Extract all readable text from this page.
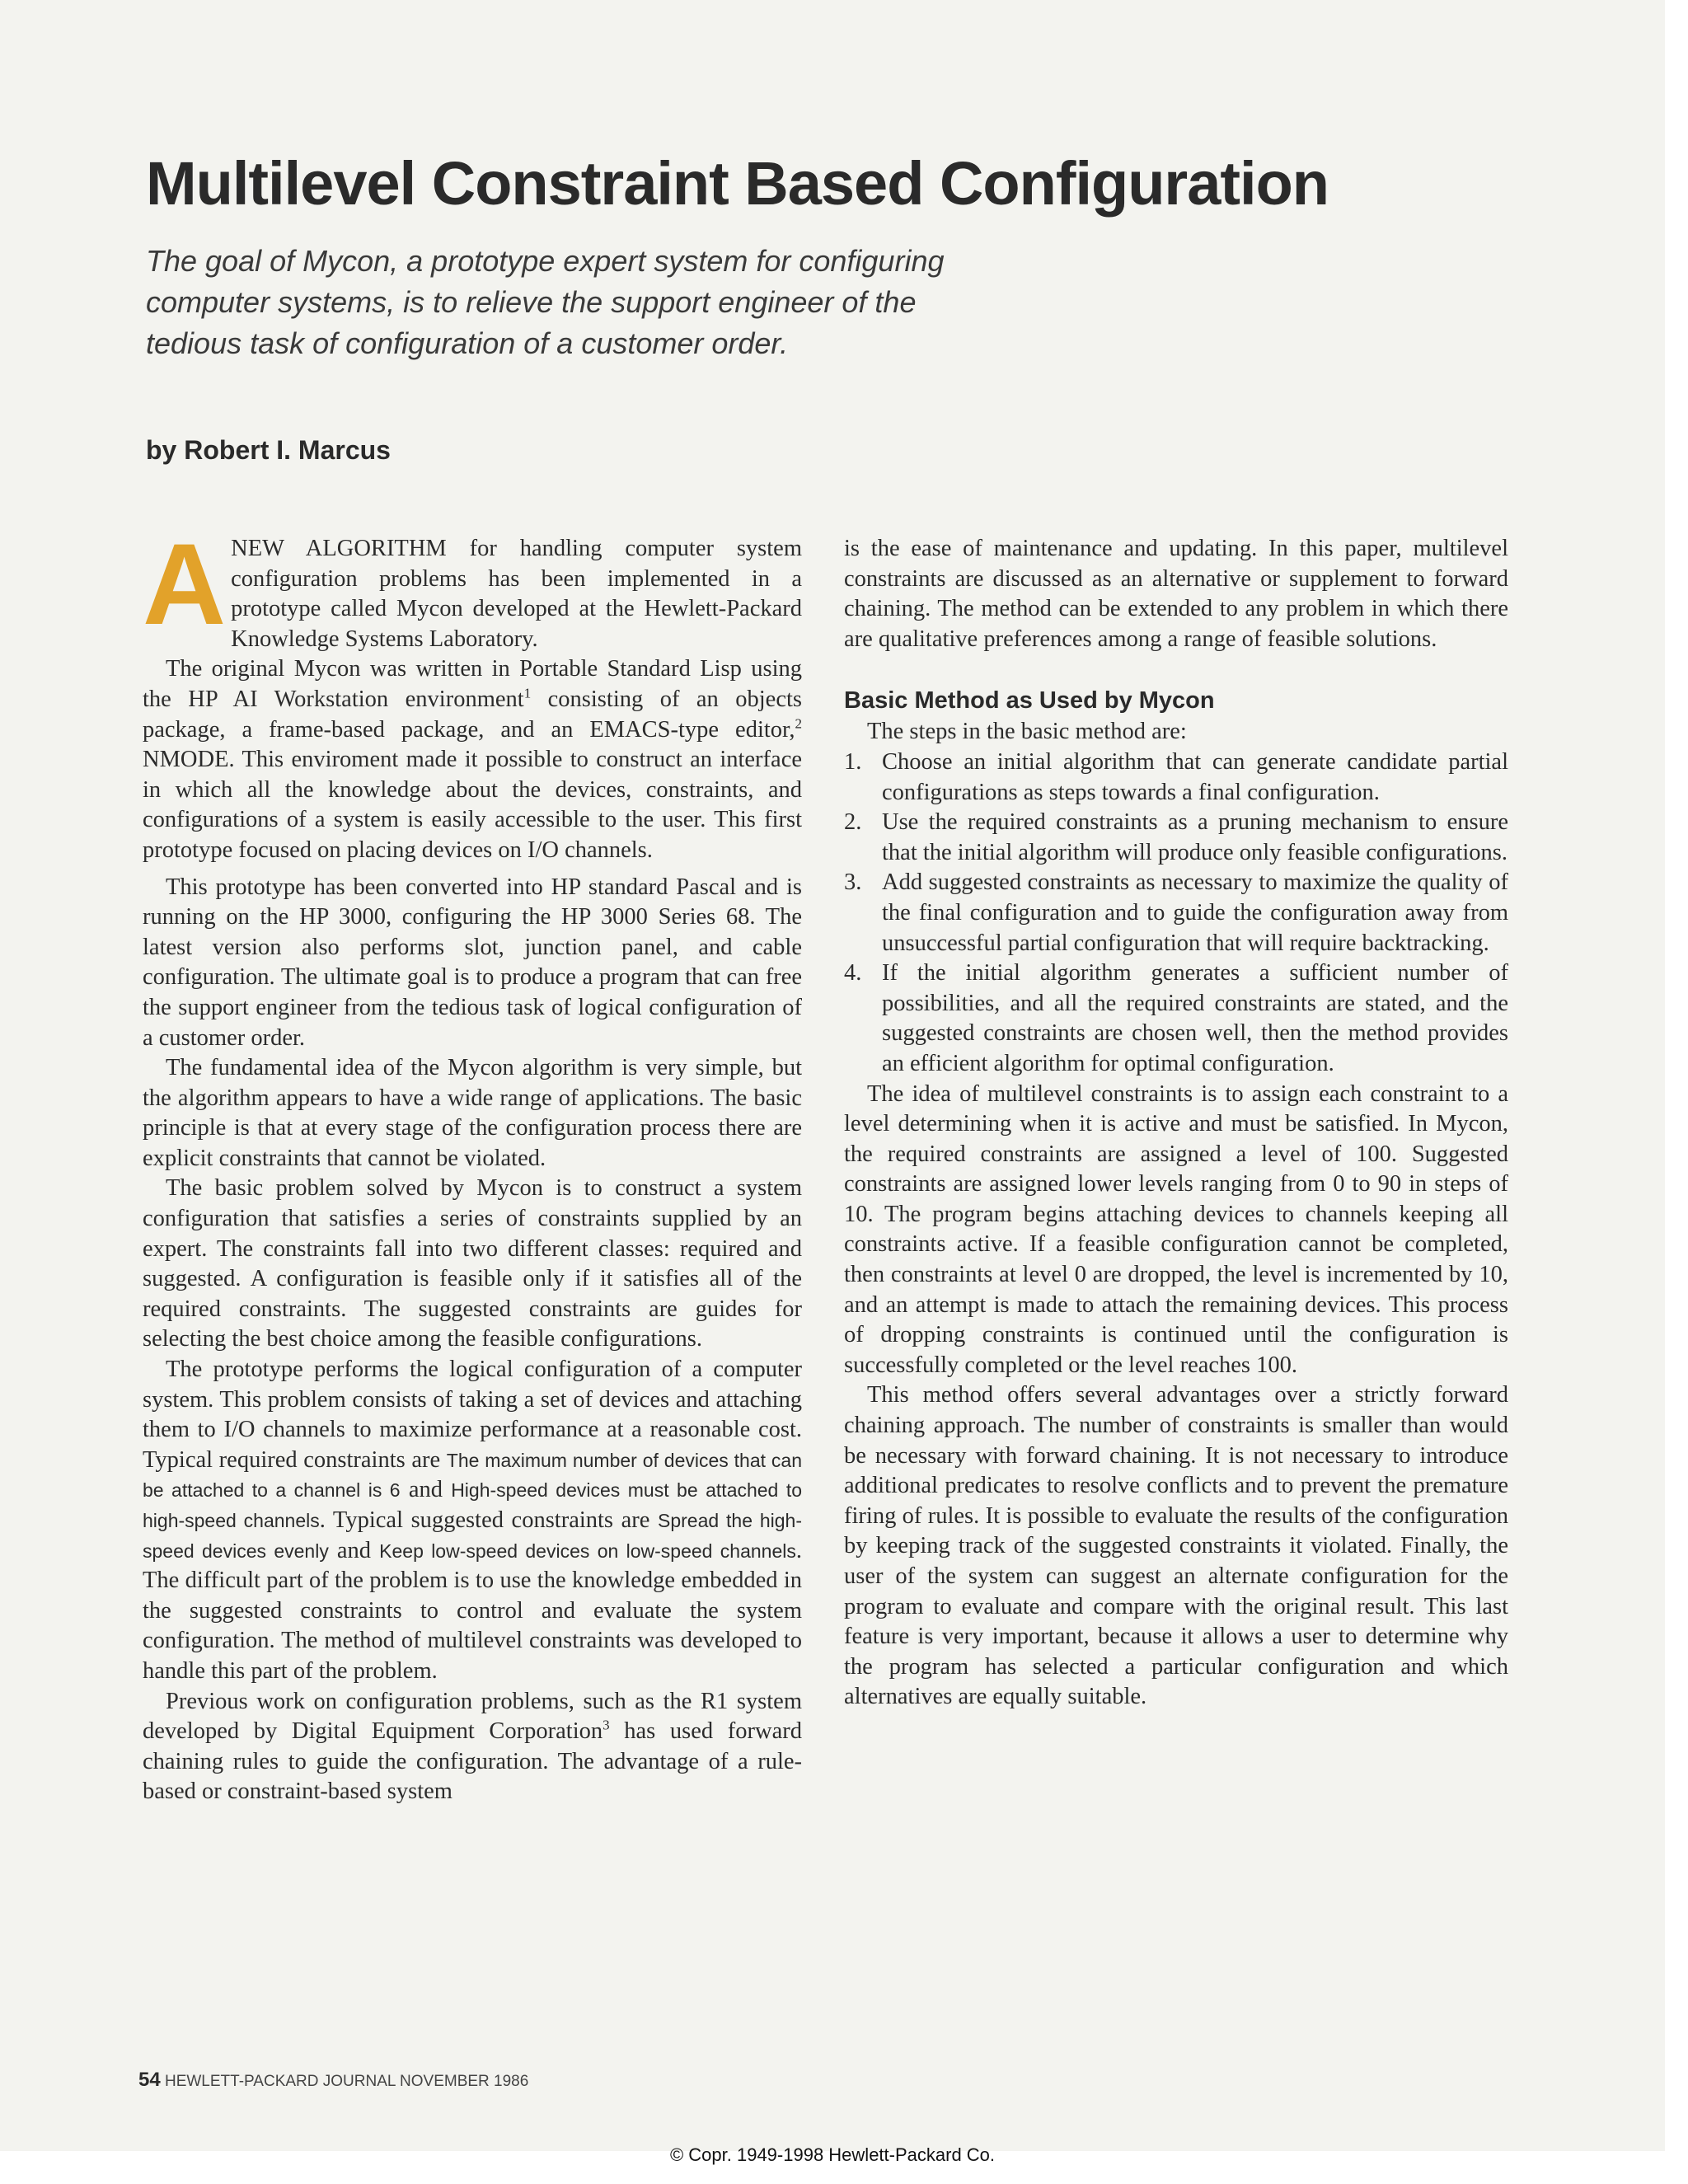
Multilevel Constraint Based Configuration

The goal of Mycon, a prototype expert system for configuring computer systems, is to relieve the support engineer of the tedious task of configuration of a customer order.

by Robert I. Marcus

ANEW ALGORITHM for handling computer system configuration problems has been implemented in a prototype called Mycon developed at the Hewlett-Packard Knowledge Systems Laboratory.

The original Mycon was written in Portable Standard Lisp using the HP AI Workstation environment$^1$ consisting of an objects package, a frame-based package, and an EMACS-type editor,$^2$ NMODE. This enviroment made it possible to construct an interface in which all the knowledge about the devices, constraints, and configurations of a system is easily accessible to the user. This first prototype focused on placing devices on I/O channels.

This prototype has been converted into HP standard Pascal and is running on the HP 3000, configuring the HP 3000 Series 68. The latest version also performs slot, junction panel, and cable configuration. The ultimate goal is to produce a program that can free the support engineer from the tedious task of logical configuration of a customer order.

The fundamental idea of the Mycon algorithm is very simple, but the algorithm appears to have a wide range of applications. The basic principle is that at every stage of the configuration process there are explicit constraints that cannot be violated.

The basic problem solved by Mycon is to construct a system configuration that satisfies a series of constraints supplied by an expert. The constraints fall into two different classes: required and suggested. A configuration is feasible only if it satisfies all of the required constraints. The suggested constraints are guides for selecting the best choice among the feasible configurations.

The prototype performs the logical configuration of a computer system. This problem consists of taking a set of devices and attaching them to I/O channels to maximize performance at a reasonable cost. Typical required constraints are The maximum number of devices that can be attached to a channel is 6 and High-speed devices must be attached to high-speed channels. Typical suggested constraints are Spread the high-speed devices evenly and Keep low-speed devices on low-speed channels. The difficult part of the problem is to use the knowledge embedded in the suggested constraints to control and evaluate the system configuration. The method of multilevel constraints was developed to handle this part of the problem.

Previous work on configuration problems, such as the R1 system developed by Digital Equipment Corporation$^3$ has used forward chaining rules to guide the configuration. The advantage of a rule-based or constraint-based system

is the ease of maintenance and updating. In this paper, multilevel constraints are discussed as an alternative or supplement to forward chaining. The method can be extended to any problem in which there are qualitative preferences among a range of feasible solutions.

Basic Method as Used by Mycon

The steps in the basic method are:

1. Choose an initial algorithm that can generate candidate partial configurations as steps towards a final configuration.
2. Use the required constraints as a pruning mechanism to ensure that the initial algorithm will produce only feasible configurations.
3. Add suggested constraints as necessary to maximize the quality of the final configuration and to guide the configuration away from unsuccessful partial configuration that will require backtracking.
4. If the initial algorithm generates a sufficient number of possibilities, and all the required constraints are stated, and the suggested constraints are chosen well, then the method provides an efficient algorithm for optimal configuration.

The idea of multilevel constraints is to assign each constraint to a level determining when it is active and must be satisfied. In Mycon, the required constraints are assigned a level of 100. Suggested constraints are assigned lower levels ranging from 0 to 90 in steps of 10. The program begins attaching devices to channels keeping all constraints active. If a feasible configuration cannot be completed, then constraints at level 0 are dropped, the level is incremented by 10, and an attempt is made to attach the remaining devices. This process of dropping constraints is continued until the configuration is successfully completed or the level reaches 100.

This method offers several advantages over a strictly forward chaining approach. The number of constraints is smaller than would be necessary with forward chaining. It is not necessary to introduce additional predicates to resolve conflicts and to prevent the premature firing of rules. It is possible to evaluate the results of the configuration by keeping track of the suggested constraints it violated. Finally, the user of the system can suggest an alternate configuration for the program to evaluate and compare with the original result. This last feature is very important, because it allows a user to determine why the program has selected a particular configuration and which alternatives are equally suitable.

54 HEWLETT-PACKARD JOURNAL NOVEMBER 1986

© Copr. 1949-1998 Hewlett-Packard Co.
